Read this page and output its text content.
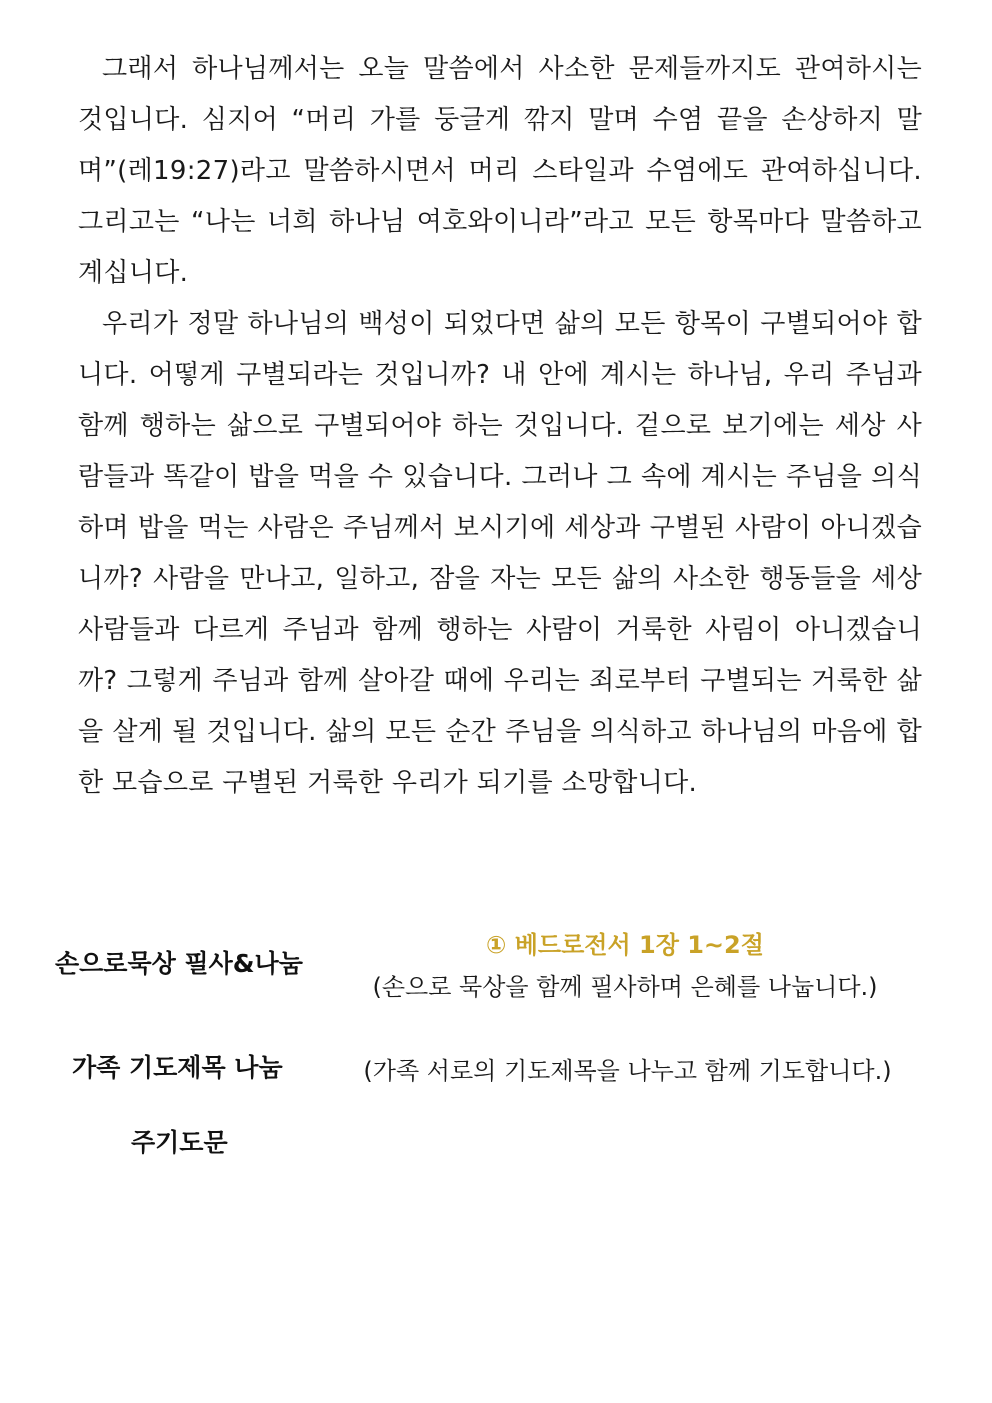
그래서 하나님께서는 오늘 말씀에서 사소한 문제들까지도 관여하시는 것입니다. 심지어 “머리 가를 둥글게 깎지 말며 수염 끝을 손상하지 말며”(레19:27)라고 말씀하시면서 머리 스타일과 수염에도 관여하십니다. 그리고는 “나는 너희 하나님 여호와이니라”라고 모든 항목마다 말씀하고 계십니다.

우리가 정말 하나님의 백성이 되었다면 삶의 모든 항목이 구별되어야 합니다. 어떻게 구별되라는 것입니까? 내 안에 계시는 하나님, 우리 주님과 함께 행하는 삶으로 구별되어야 하는 것입니다. 겉으로 보기에는 세상 사람들과 똑같이 밥을 먹을 수 있습니다. 그러나 그 속에 계시는 주님을 의식하며 밥을 먹는 사람은 주님께서 보시기에 세상과 구별된 사람이 아니겠습니까? 사람을 만나고, 일하고, 잠을 자는 모든 삶의 사소한 행동들을 세상 사람들과 다르게 주님과 함께 행하는 사람이 거룩한 사림이 아니겠습니까? 그렇게 주님과 함께 살아갈 때에 우리는 죄로부터 구별되는 거룩한 삶을 살게 될 것입니다. 삶의 모든 순간 주님을 의식하고 하나님의 마음에 합한 모습으로 구별된 거룩한 우리가 되기를 소망합니다.

손으로묵상 필사&나눔
① 베드로전서 1장 1~2절
(손으로 묵상을 함께 필사하며 은혜를 나눕니다.)
가족 기도제목 나눔	(가족 서로의 기도제목을 나누고 함께 기도합니다.)
주기도문
